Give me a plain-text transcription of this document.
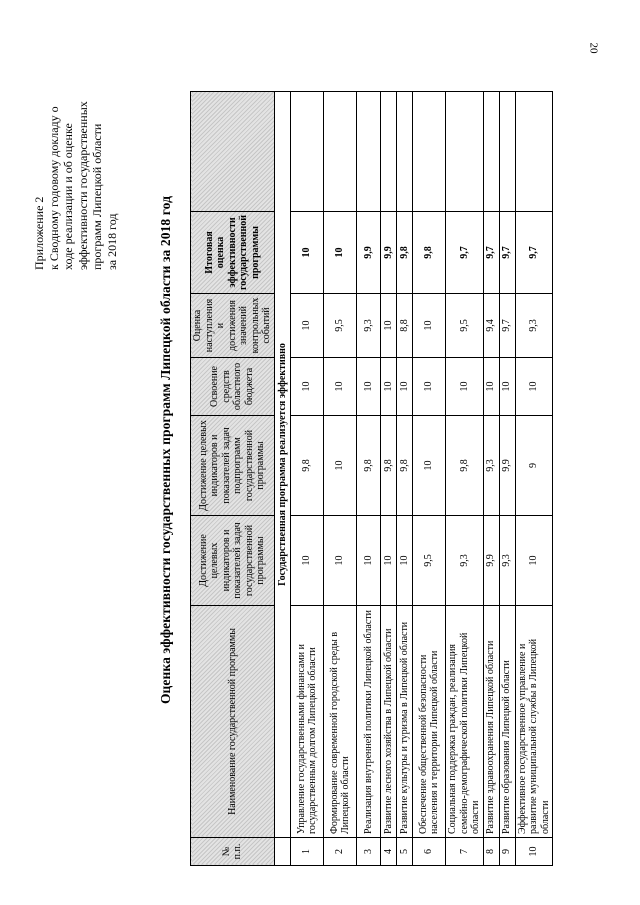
20
Приложение 2 к Сводному годовому докладу о ходе реализации и об оценке эффективности государственных программ Липецкой области за 2018 год	Оценка эффективности государственных программ Липецкой области за 2018 год
№ п.п.	Наименование государственной программы	Достижение целевых индикаторов и показателей задач государственной программы	Достижение целевых индикаторов и показателей задач подпрограмм государственной программы	Освоение средств областного бюджета	Оценка наступления и достижения значений контрольных событий	Итоговая оценка эффективности государственной программы	
	Государственная программа реализуется эффективно						
1	Управление государственными финансами и государственным долгом Липецкой области	10	9,8	10	10	10	
2	Формирование современной городской среды в Липецкой области	10	10	10	9,5	10	
3	Реализация внутренней политики Липецкой области	10	9,8	10	9,3	9,9	
4	Развитие лесного хозяйства в Липецкой области	10	9,8	10	10	9,9	
5	Развитие культуры и туризма в Липецкой области	10	9,8	10	8,8	9,8	
6	Обеспечение общественной безопасности населения и территории Липецкой области	9,5	10	10	10	9,8	
7	Социальная поддержка граждан, реализация семейно-демографической политики Липецкой области	9,3	9,8	10	9,5	9,7	
8	Развитие здравоохранения Липецкой области	9,9	9,3	10	9,4	9,7	
9	Развитие образования Липецкой области	9,3	9,9	10	9,7	9,7	
10	Эффективное государственное управление и развитие муниципальной службы в Липецкой области	10	9	10	9,3	9,7	
